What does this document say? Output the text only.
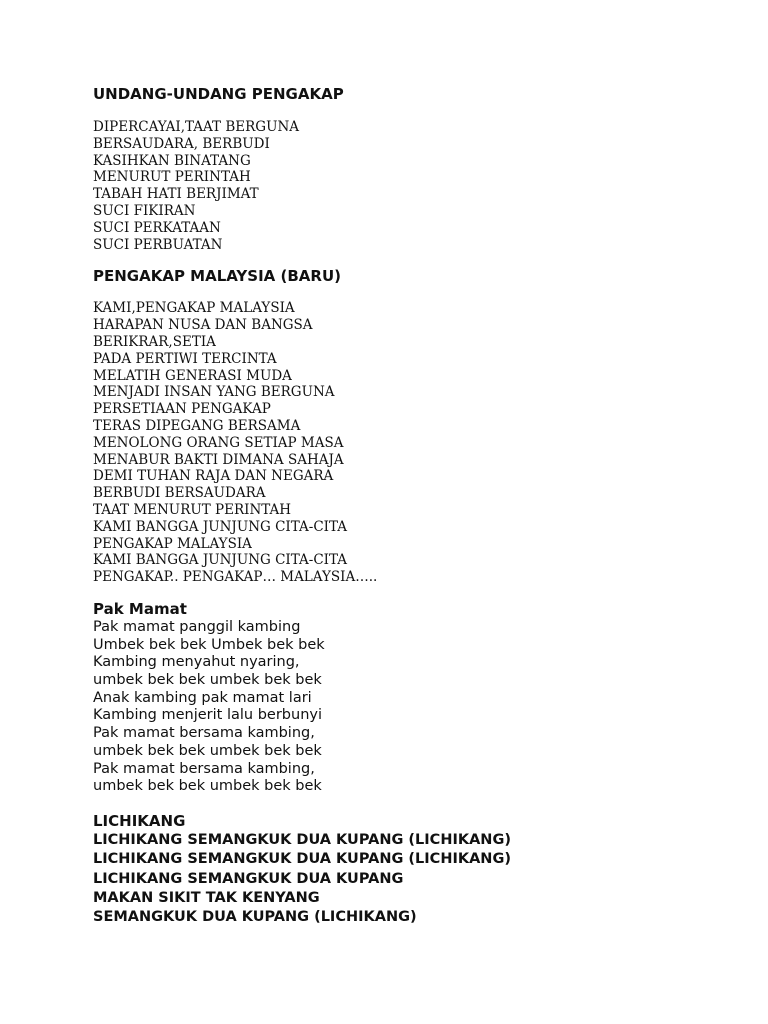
UNDANG-UNDANG PENGAKAP
DIPERCAYAI,TAAT BERGUNA
BERSAUDARA, BERBUDI
KASIHKAN BINATANG
MENURUT PERINTAH
TABAH HATI BERJIMAT
SUCI FIKIRAN
SUCI PERKATAAN
SUCI PERBUATAN
PENGAKAP MALAYSIA (BARU)
KAMI,PENGAKAP MALAYSIA
HARAPAN NUSA DAN BANGSA
BERIKRAR,SETIA
PADA PERTIWI TERCINTA
MELATIH GENERASI MUDA
MENJADI INSAN YANG BERGUNA
PERSETIAAN PENGAKAP
TERAS DIPEGANG BERSAMA
MENOLONG ORANG SETIAP MASA
MENABUR BAKTI DIMANA SAHAJA
DEMI TUHAN RAJA DAN NEGARA
BERBUDI BERSAUDARA
TAAT MENURUT PERINTAH
KAMI BANGGA JUNJUNG CITA-CITA
PENGAKAP MALAYSIA
KAMI BANGGA JUNJUNG CITA-CITA
PENGAKAP.. PENGAKAP… MALAYSIA…..
Pak Mamat
Pak mamat panggil kambing
Umbek bek bek Umbek bek bek
Kambing menyahut nyaring,
umbek bek bek umbek bek bek
Anak kambing pak mamat lari
Kambing menjerit lalu berbunyi
Pak mamat bersama kambing,
umbek bek bek umbek bek bek
Pak mamat bersama kambing,
umbek bek bek umbek bek bek
LICHIKANG
LICHIKANG SEMANGKUK DUA KUPANG (LICHIKANG)
LICHIKANG SEMANGKUK DUA KUPANG (LICHIKANG)
LICHIKANG SEMANGKUK DUA KUPANG
MAKAN SIKIT TAK KENYANG
SEMANGKUK DUA KUPANG (LICHIKANG)
